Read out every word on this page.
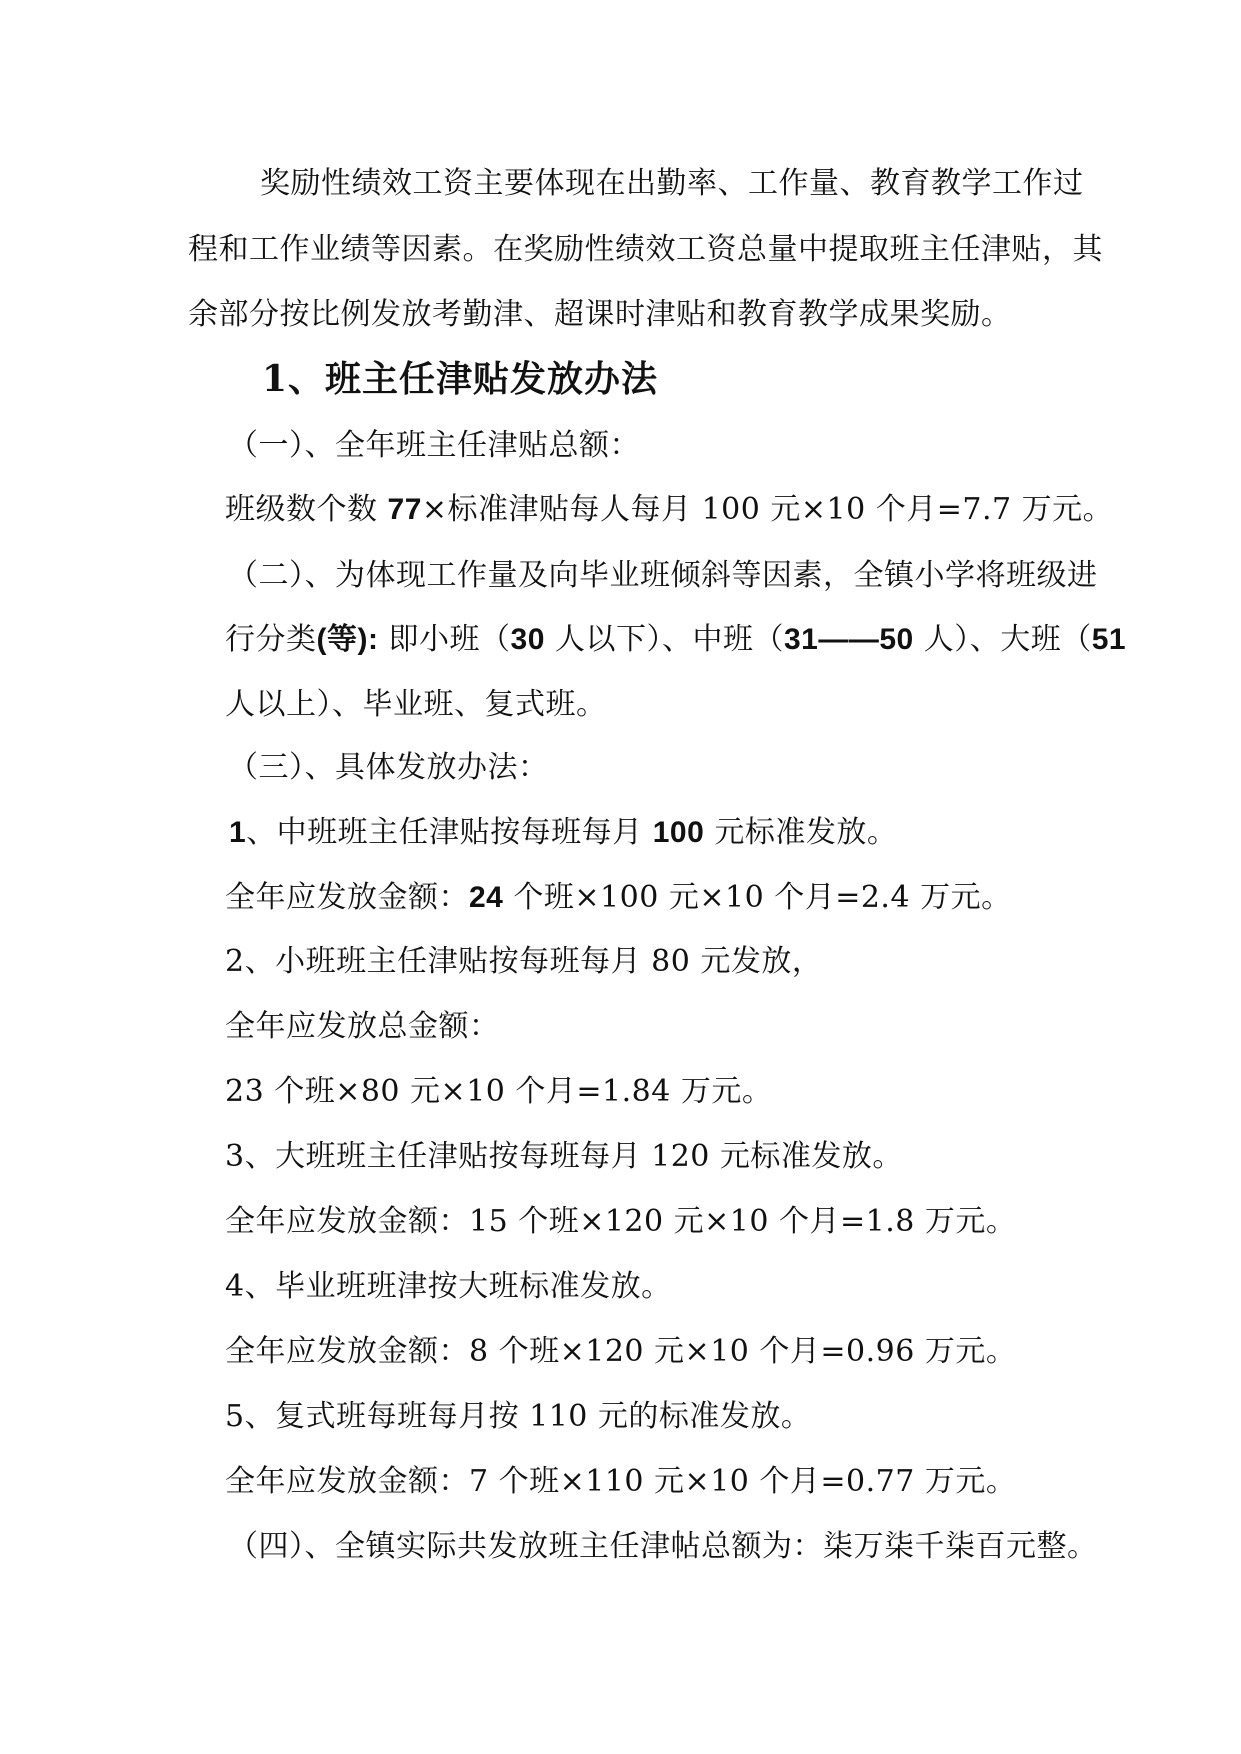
奖励性绩效工资主要体现在出勤率、工作量、教育教学工作过
程和工作业绩等因素。在奖励性绩效工资总量中提取班主任津贴，其
余部分按比例发放考勤津、超课时津贴和教育教学成果奖励。
1、班主任津贴发放办法
（一）、全年班主任津贴总额：
班级数个数 77×标准津贴每人每月 100 元×10 个月=7.7 万元。
（二）、为体现工作量及向毕业班倾斜等因素，全镇小学将班级进
行分类(等): 即小班（30 人以下）、中班（31——50 人）、大班（51
人以上）、毕业班、复式班。
（三）、具体发放办法：
1、中班班主任津贴按每班每月 100 元标准发放。
全年应发放金额：24 个班×100 元×10 个月=2.4 万元。
2、小班班主任津贴按每班每月 80 元发放，
全年应发放总金额：
23 个班×80 元×10 个月=1.84 万元。
3、大班班主任津贴按每班每月 120 元标准发放。
全年应发放金额：15 个班×120 元×10 个月=1.8 万元。
4、毕业班班津按大班标准发放。
全年应发放金额：8 个班×120 元×10 个月=0.96 万元。
5、复式班每班每月按 110 元的标准发放。
全年应发放金额：7 个班×110 元×10 个月=0.77 万元。
（四）、全镇实际共发放班主任津帖总额为：柒万柒千柒百元整。
